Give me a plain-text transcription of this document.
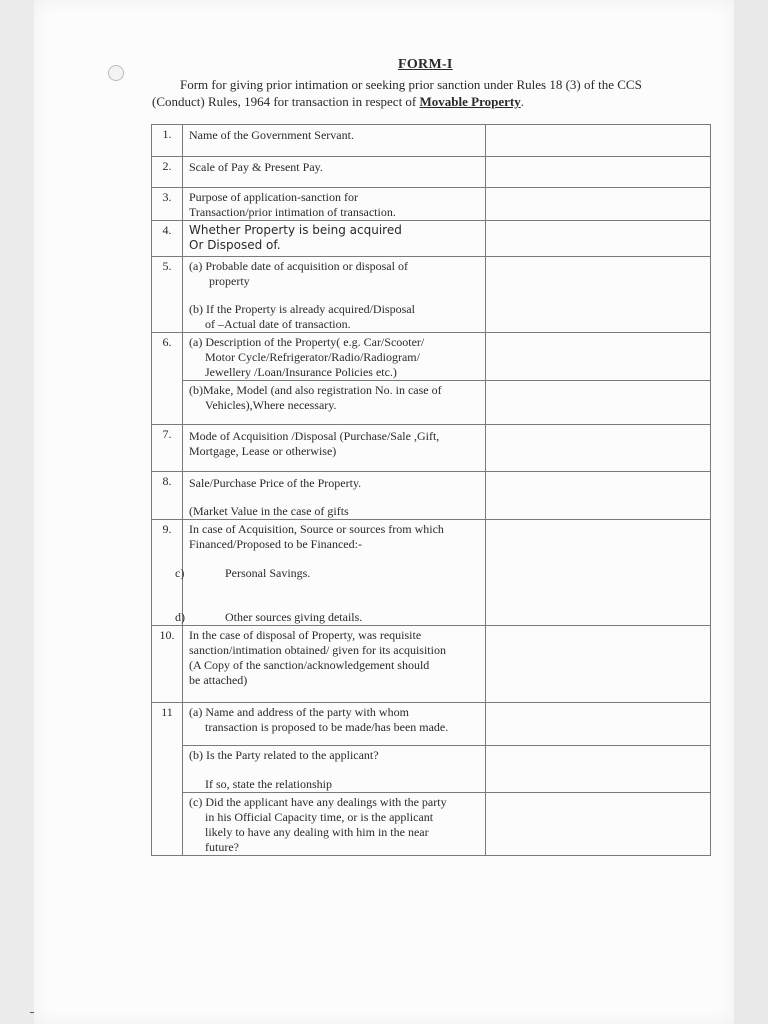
FORM-I

Form for giving prior intimation or seeking prior sanction under Rules 18 (3) of the CCS
(Conduct) Rules, 1964 for transaction in respect of Movable Property.

1.	Name of the Government Servant.	

2.	Scale of Pay & Present Pay.	

3.	Purpose of application-sanction for
Transaction/prior intimation of transaction.	

4.	Whether Property is being acquired
Or Disposed of.	

5.	(a) Probable date of acquisition or disposal of
property
(b) If the Property is already acquired/Disposal
of –Actual date of transaction.	

6.	(a) Description of the Property( e.g. Car/Scooter/
Motor Cycle/Refrigerator/Radio/Radiogram/
Jewellery /Loan/Insurance Policies etc.)	

	(b)Make, Model (and also registration No. in case of
Vehicles),Where necessary.	

7.	Mode of Acquisition /Disposal (Purchase/Sale ,Gift,
Mortgage, Lease or otherwise)	

8.	Sale/Purchase Price of the Property.
(Market Value in the case of gifts	

9.	In case of Acquisition, Source or sources from which
Financed/Proposed to be Financed:-
c) Personal Savings.
d) Other sources giving details.	

10.	In the case of disposal of Property, was requisite
sanction/intimation obtained/ given for its acquisition
(A Copy of the sanction/acknowledgement should
be attached)	

11	(a) Name and address of the party with whom
transaction is proposed to be made/has been made.	

	(b) Is the Party related to the applicant?
If so, state the relationship	

	(c) Did the applicant have any dealings with the party
in his Official Capacity time, or is the applicant
likely to have any dealing with him in the near
future?	
